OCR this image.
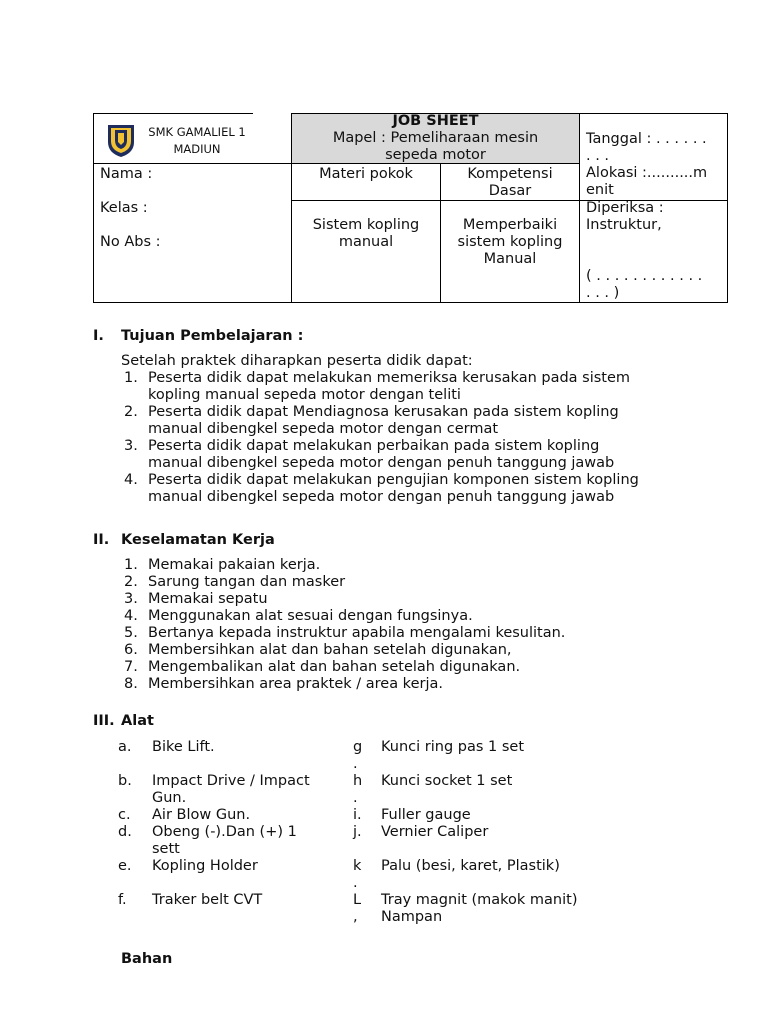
SMK GAMALIEL 1
MADIUN
JOB SHEET
Mapel : Pemeliharaan mesin
sepeda motor
Tanggal : . . . . . .
. . .
Alokasi :..........m
enit
Nama :
Kelas :
No Abs :
Materi pokok	Kompetensi
Dasar
Sistem kopling
manual
Memperbaiki
sistem kopling
Manual
Diperiksa :
Instruktur,
( . . . . . . . . . . . .
. . . )
I. Tujuan Pembelajaran :
Setelah praktek diharapkan peserta didik dapat:
1. Peserta didik dapat melakukan memeriksa kerusakan pada sistem
kopling manual sepeda motor dengan teliti
2. Peserta didik dapat Mendiagnosa kerusakan pada sistem kopling
manual dibengkel sepeda motor dengan cermat
3. Peserta didik dapat melakukan perbaikan pada sistem kopling
manual dibengkel sepeda motor dengan penuh tanggung jawab
4. Peserta didik dapat melakukan pengujian komponen sistem kopling
manual dibengkel sepeda motor dengan penuh tanggung jawab
II. Keselamatan Kerja
1. Memakai pakaian kerja.
2. Sarung tangan dan masker
3. Memakai sepatu
4. Menggunakan alat sesuai dengan fungsinya.
5. Bertanya kepada instruktur apabila mengalami kesulitan.
6. Membersihkan alat dan bahan setelah digunakan,
7. Mengembalikan alat dan bahan setelah digunakan.
8. Membersihkan area praktek / area kerja.
III. Alat
a. Bike Lift.
b. Impact Drive / Impact
Gun.
c. Air Blow Gun.
d. Obeng (-).Dan (+) 1
sett
e. Kopling Holder
f. Traker belt CVT
g
.
Kunci ring pas 1 set
h
.
Kunci socket 1 set
i. Fuller gauge
j. Vernier Caliper
k
.
Palu (besi, karet, Plastik)
L
,
Tray magnit (makok manit)
Nampan
Bahan
